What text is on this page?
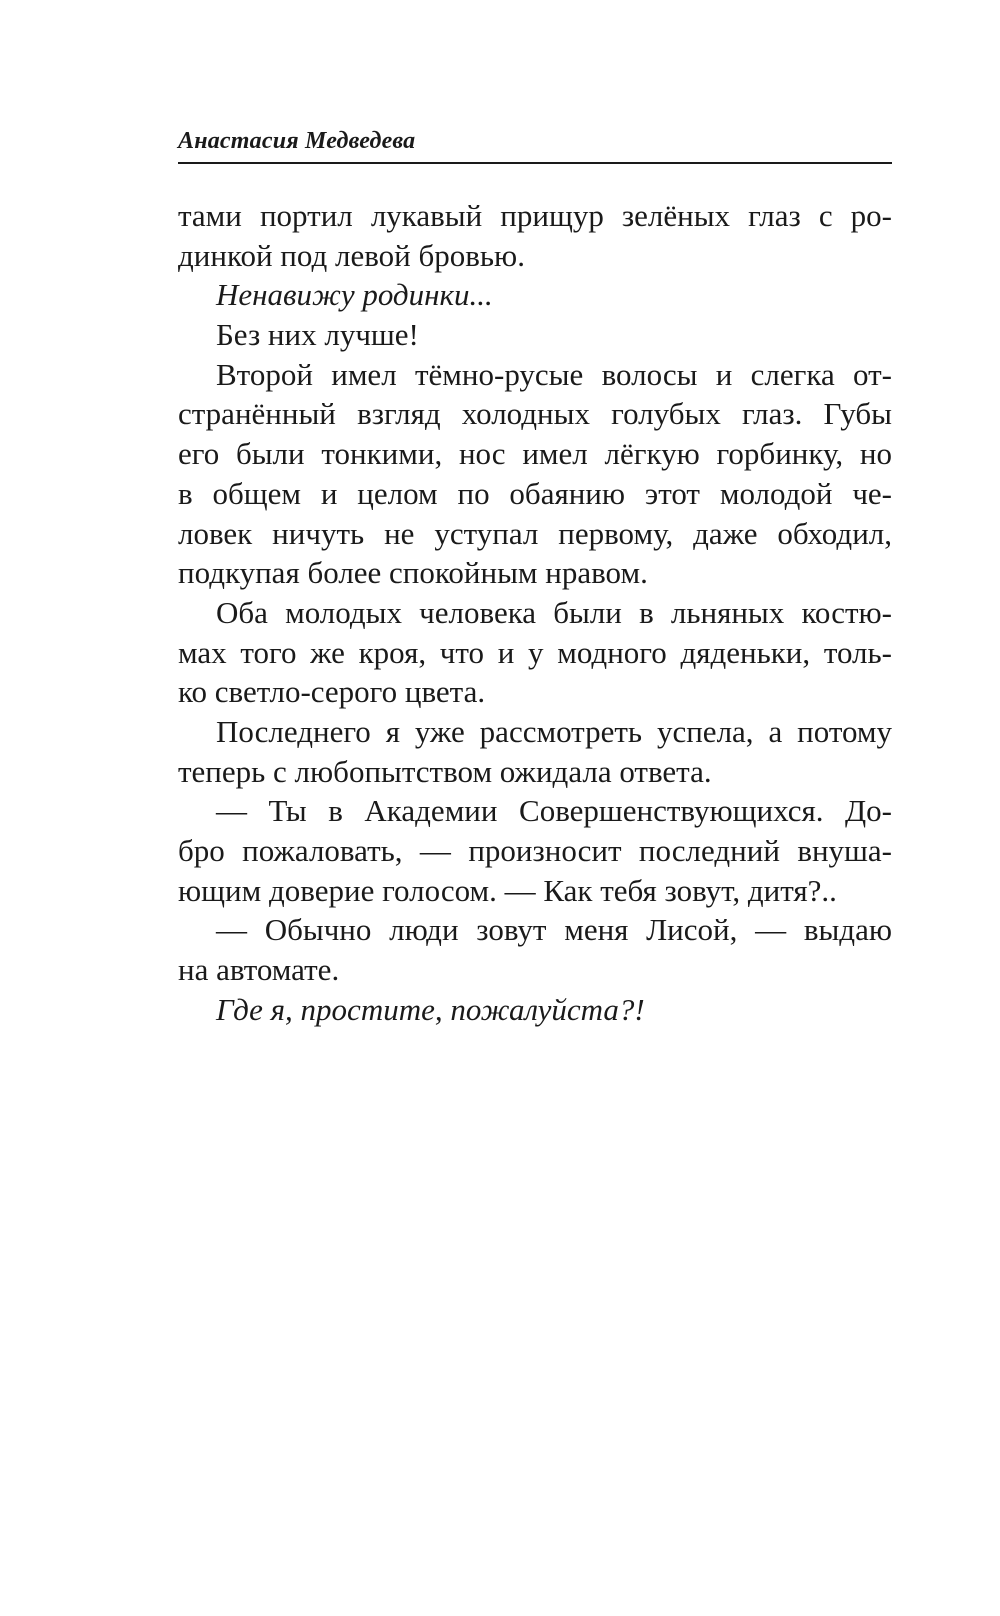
Анастасия Медведева
тами портил лукавый прищур зелёных глаз с ро-
динкой под левой бровью.
Ненавижу родинки...
Без них лучше!
Второй имел тёмно-русые волосы и слегка от-
странённый взгляд холодных голубых глаз. Губы
его были тонкими, нос имел лёгкую горбинку, но
в общем и целом по обаянию этот молодой че-
ловек ничуть не уступал первому, даже обходил,
подкупая более спокойным нравом.
Оба молодых человека были в льняных костю-
мах того же кроя, что и у модного дяденьки, толь-
ко светло-серого цвета.
Последнего я уже рассмотреть успела, а потому
теперь с любопытством ожидала ответа.
— Ты в Академии Совершенствующихся. До-
бро пожаловать, — произносит последний внуша-
ющим доверие голосом. — Как тебя зовут, дитя?..
— Обычно люди зовут меня Лисой, — выдаю
на автомате.
Где я, простите, пожалуйста?!
